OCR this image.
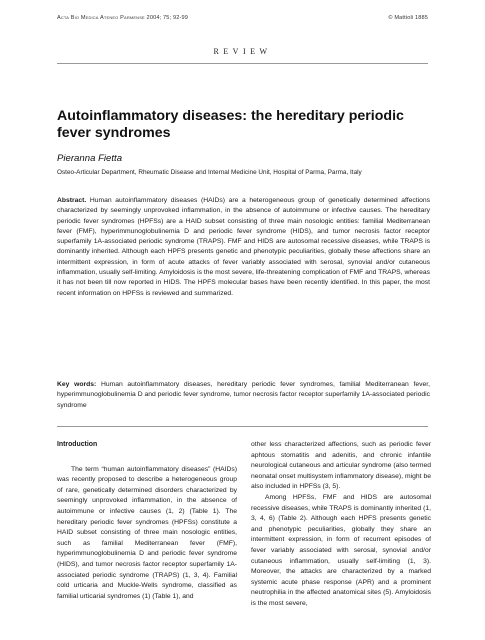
Acta Bio Medica Ateneo Parmense 2004; 75; 92-99	© Mattioli 1885
REVIEW
Autoinflammatory diseases: the hereditary periodic fever syndromes
Pieranna Fietta
Osteo-Articular Department, Rheumatic Disease and Internal Medicine Unit, Hospital of Parma, Parma, Italy

Abstract. Human autoinflammatory diseases (HAIDs) are a heterogeneous group of genetically determined affections characterized by seemingly unprovoked inflammation, in the absence of autoimmune or infective causes. The hereditary periodic fever syndromes (HPFSs) are a HAID subset consisting of three main nosologic entities: familial Mediterranean fever (FMF), hyperimmunoglobulinemia D and periodic fever syndrome (HIDS), and tumor necrosis factor receptor superfamily 1A-associated periodic syndrome (TRAPS). FMF and HIDS are autosomal recessive diseases, while TRAPS is dominantly inherited. Although each HPFS presents genetic and phenotypic peculiarities, globally these affections share an intermittent expression, in form of acute attacks of fever variably associated with serosal, synovial and/or cutaneous inflammation, usually self-limiting. Amyloidosis is the most severe, life-threatening complication of FMF and TRAPS, whereas it has not been till now reported in HIDS. The HPFS molecular bases have been recently identified. In this paper, the most recent information on HPFSs is reviewed and summarized.

Key words: Human autoinflammatory diseases, hereditary periodic fever syndromes, familial Mediterranean fever, hyperimmunoglobulinemia D and periodic fever syndrome, tumor necrosis factor receptor superfamily 1A-associated periodic syndrome

Introduction

The term “human autoinflammatory diseases” (HAIDs) was recently proposed to describe a heterogeneous group of rare, genetically determined disorders characterized by seemingly unprovoked inflammation, in the absence of autoimmune or infective causes (1, 2) (Table 1). The hereditary periodic fever syndromes (HPFSs) constitute a HAID subset consisting of three main nosologic entities, such as familial Mediterranean fever (FMF), hyperimmunoglobulinemia D and periodic fever syndrome (HIDS), and tumor necrosis factor receptor superfamily 1A-associated periodic syndrome (TRAPS) (1, 3, 4). Familial cold urticaria and Muckle-Wells syndrome, classified as familial urticarial syndromes (1) (Table 1), and

other less characterized affections, such as periodic fever aphtous stomatitis and adenitis, and chronic infantile neurological cutaneous and articular syndrome (also termed neonatal onset multisystem inflammatory disease), might be also included in HPFSs (3, 5).

Among HPFSs, FMF and HIDS are autosomal recessive diseases, while TRAPS is dominantly inherited (1, 3, 4, 6) (Table 2). Although each HPFS presents genetic and phenotypic peculiarities, globally they share an intermittent expression, in form of recurrent episodes of fever variably associated with serosal, synovial and/or cutaneous inflammation, usually self-limiting (1, 3). Moreover, the attacks are characterized by a marked systemic acute phase response (APR) and a prominent neutrophilia in the affected anatomical sites (5). Amyloidosis is the most severe,
